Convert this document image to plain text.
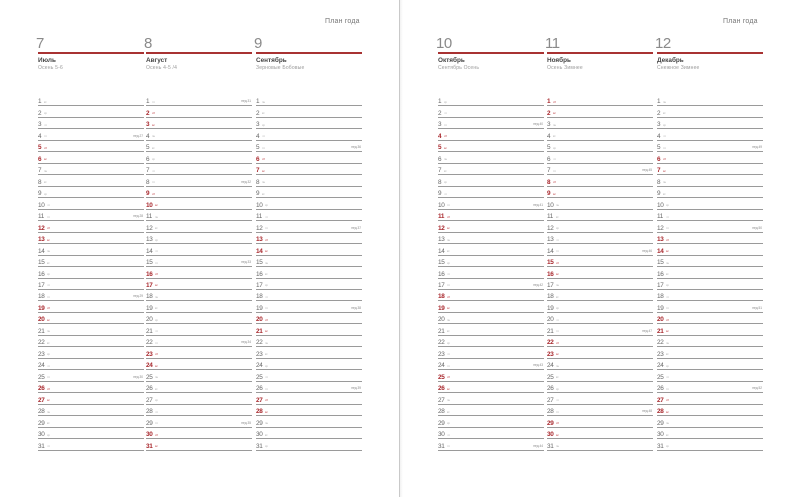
План года	План года
7
Июль
Осень 5-6
1 вт
2 ср
3 чт
4 пт	нед.27
5 сб
6 вс
7 пн
8 вт
9 ср
10 чт
11 пт	нед.28
12 сб
13 вс
14 пн
15 вт
16 ср
17 чт
18 пт	нед.29
19 сб
20 вс
21 пн
22 вт
23 ср
24 чт
25 пт	нед.30
26 сб
27 вс
28 пн
29 вт
30 ср
31 чт
8
Август
Осень 4-5 /4
1 пт	нед.31
2 сб
3 вс
4 пн
5 вт
6 ср
7 чт
8 пт	нед.32
9 сб
10 вс
11 пн
12 вт
13 ср
14 чт
15 пт	нед.33
16 сб
17 вс
18 пн
19 вт
20 ср
21 чт
22 пт	нед.34
23 сб
24 вс
25 пн
26 вт
27 ср
28 чт
29 пт	нед.35
30 сб
31 вс
9
Сентябрь
Зерновые Бобовые
1 пн
2 вт
3 ср
4 чт
5 пт	нед.36
6 сб
7 вс
8 пн
9 вт
10 ср
11 чт
12 пт	нед.37
13 сб
14 вс
15 пн
16 вт
17 ср
18 чт
19 пт	нед.38
20 сб
21 вс
22 пн
23 вт
24 ср
25 чт
26 пт	нед.39
27 сб
28 вс
29 пн
30 вт
31 ср
10
Октябрь
Сентябрь Осень
1 ср
2 чт
3 пт	нед.40
4 сб
5 вс
6 пн
7 вт
8 ср
9 чт
10 пт	нед.41
11 сб
12 вс
13 пн
14 вт
15 ср
16 чт
17 пт	нед.42
18 сб
19 вс
20 пн
21 вт
22 ср
23 чт
24 пт	нед.43
25 сб
26 вс
27 пн
28 вт
29 ср
30 чт
31 пт	нед.44
11
Ноябрь
Осень Зимнее
1 сб
2 вс
3 пн
4 вт
5 ср
6 чт
7 пт	нед.45
8 сб
9 вс
10 пн
11 вт
12 ср
13 чт
14 пт	нед.46
15 сб
16 вс
17 пн
18 вт
19 ср
20 чт
21 пт	нед.47
22 сб
23 вс
24 пн
25 вт
26 ср
27 чт
28 пт	нед.48
29 сб
30 вс
31 пн
12
Декабрь
Снежное Зимнее
1 пн
2 вт
3 ср
4 чт
5 пт	нед.49
6 сб
7 вс
8 пн
9 вт
10 ср
11 чт
12 пт	нед.50
13 сб
14 вс
15 пн
16 вт
17 ср
18 чт
19 пт	нед.51
20 сб
21 вс
22 пн
23 вт
24 ср
25 чт
26 пт	нед.52
27 сб
28 вс
29 пн
30 вт
31 ср
